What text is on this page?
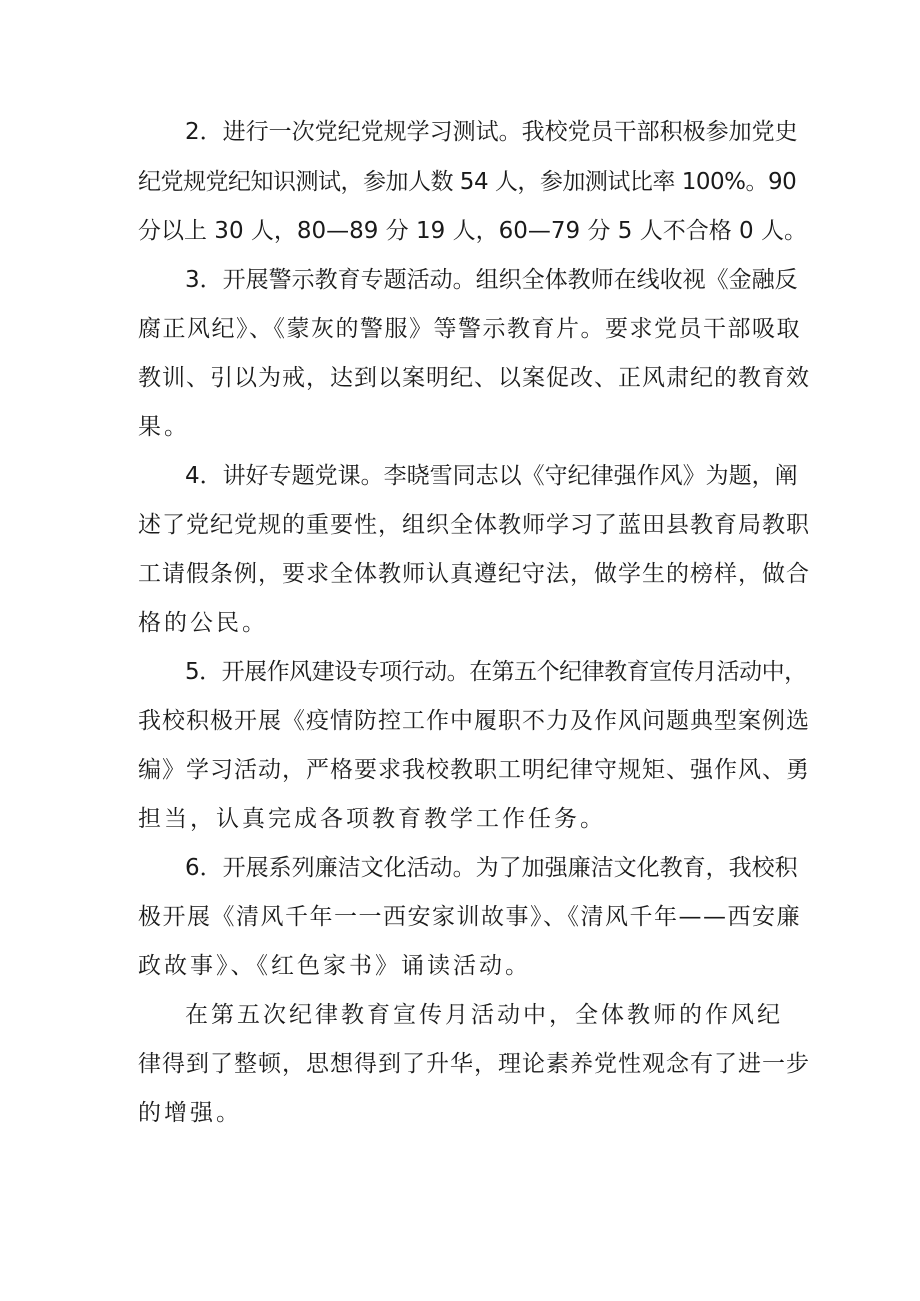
2．进行一次党纪党规学习测试。我校党员干部积极参加党史

纪党规党纪知识测试，参加人数 54 人，参加测试比率 100%。90

分以上 30 人，80—89 分 19 人，60—79 分 5 人不合格 0 人。

3．开展警示教育专题活动。组织全体教师在线收视《金融反

腐正风纪》、《蒙灰的警服》等警示教育片。要求党员干部吸取

教训、引以为戒，达到以案明纪、以案促改、正风肃纪的教育效

果。

4．讲好专题党课。李晓雪同志以《守纪律强作风》为题，阐

述了党纪党规的重要性，组织全体教师学习了蓝田县教育局教职

工请假条例，要求全体教师认真遵纪守法，做学生的榜样，做合

格的公民。

5．开展作风建设专项行动。在第五个纪律教育宣传月活动中，

我校积极开展《疫情防控工作中履职不力及作风问题典型案例选

编》学习活动，严格要求我校教职工明纪律守规矩、强作风、勇

担当，认真完成各项教育教学工作任务。

6．开展系列廉洁文化活动。为了加强廉洁文化教育，我校积

极开展《清风千年一一西安家训故事》、《清风千年——西安廉

政故事》、《红色家书》诵读活动。

在第五次纪律教育宣传月活动中，全体教师的作风纪

律得到了整顿，思想得到了升华，理论素养党性观念有了进一步

的增强。
